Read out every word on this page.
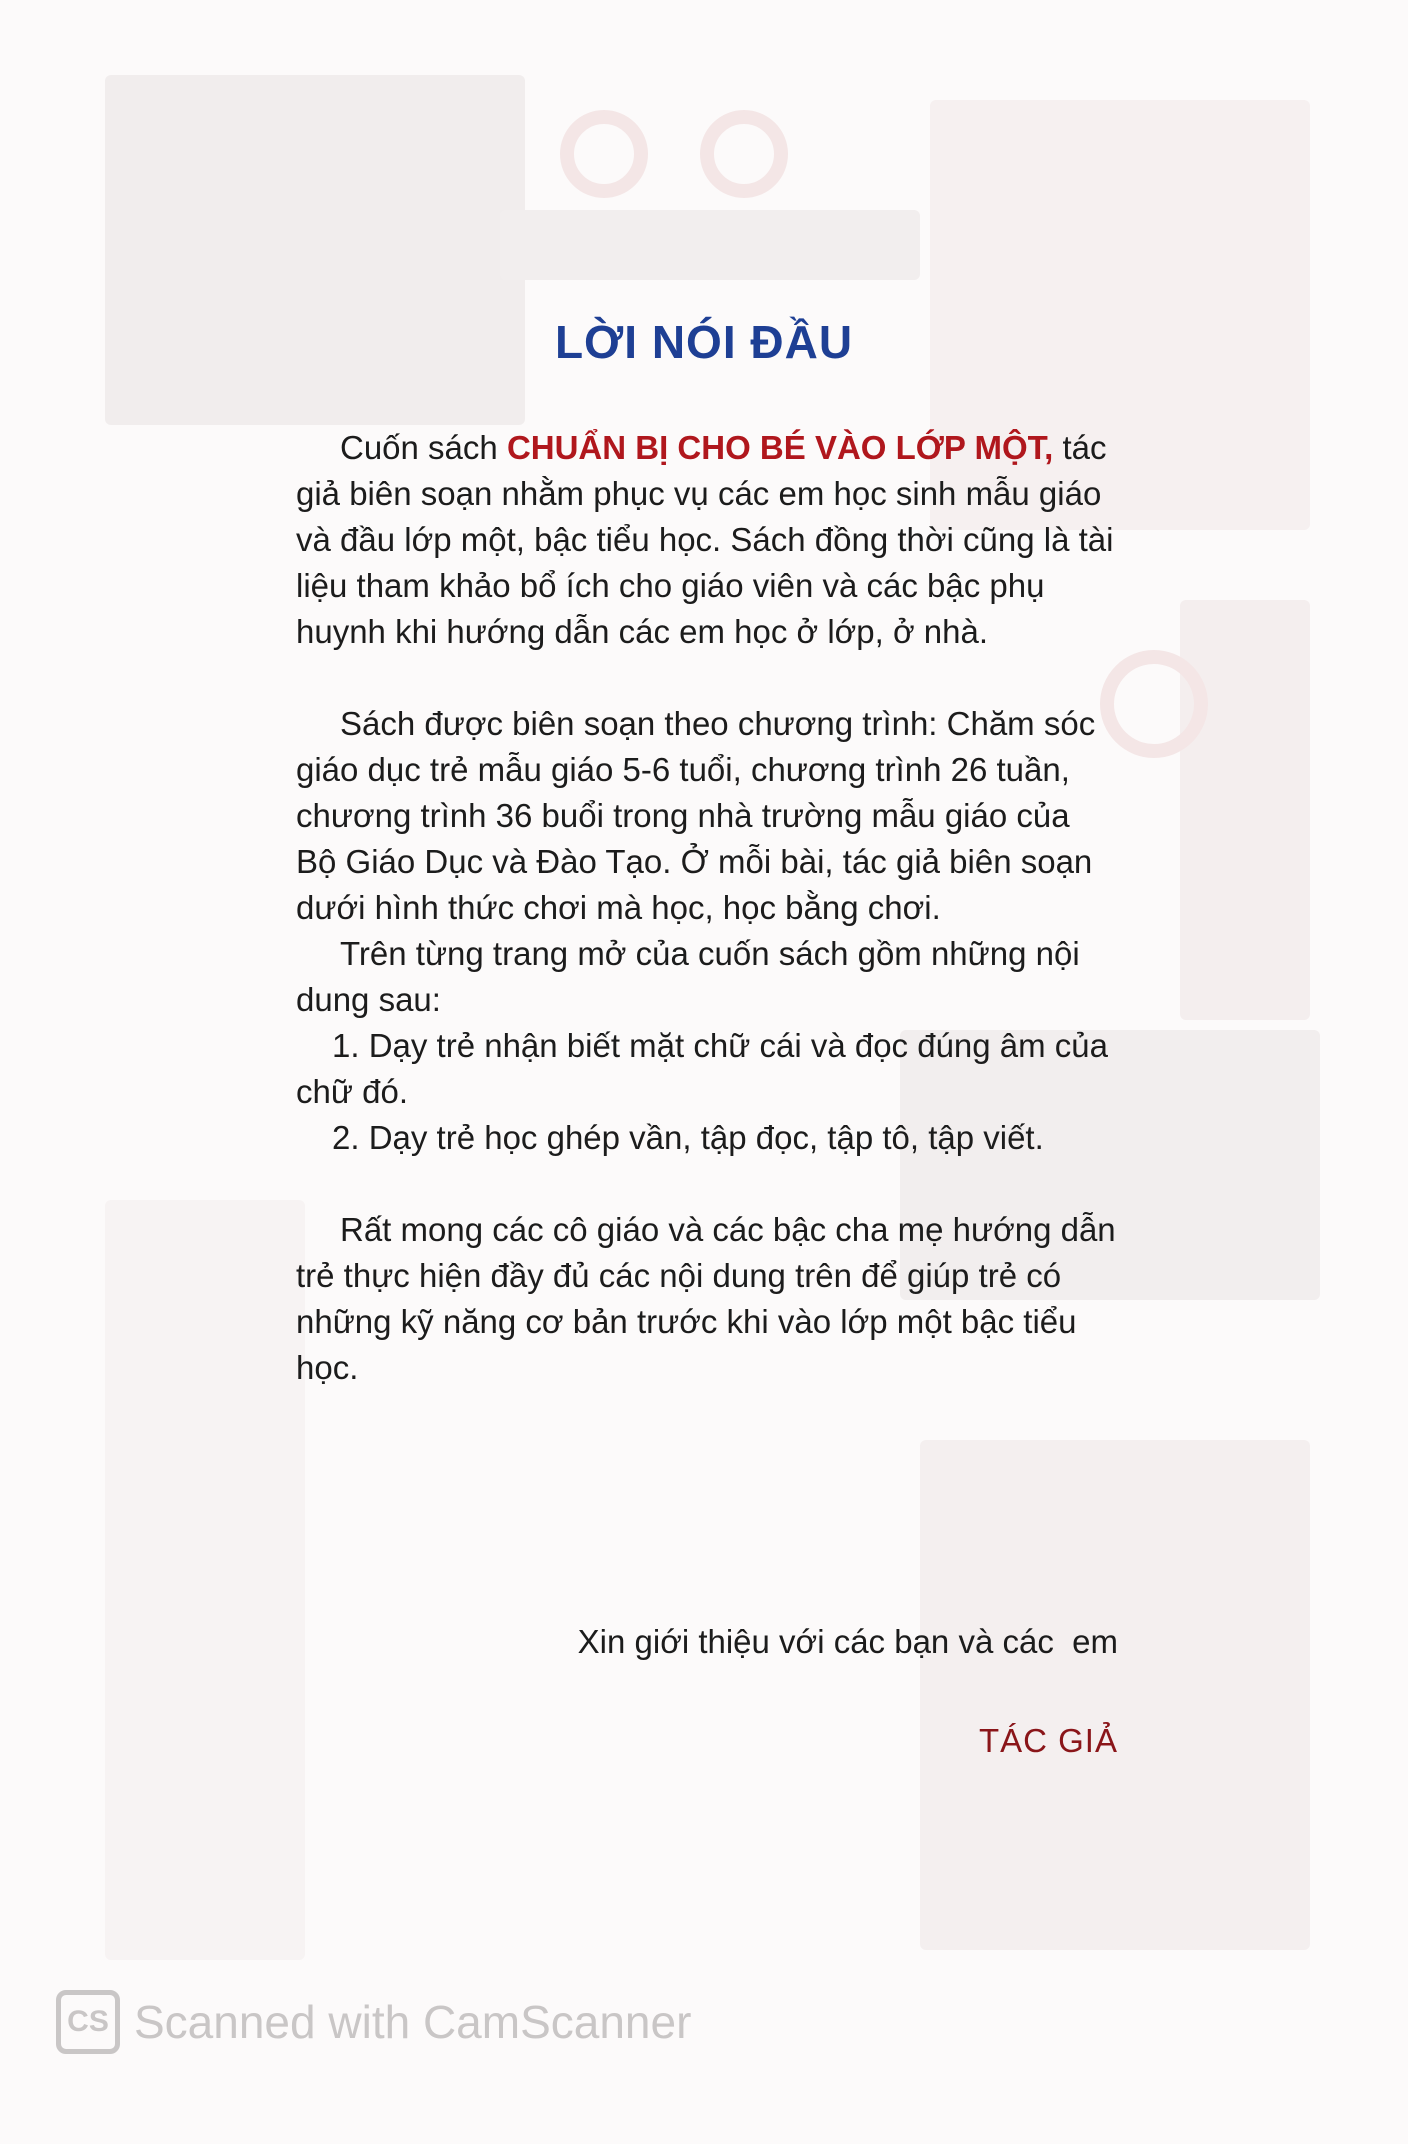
LỜI NÓI ĐẦU

Cuốn sách CHUẨN BỊ CHO BÉ VÀO LỚP MỘT, tác giả biên soạn nhằm phục vụ các em học sinh mẫu giáo và đầu lớp một, bậc tiểu học. Sách đồng thời cũng là tài liệu tham khảo bổ ích cho giáo viên và các bậc phụ huynh khi hướng dẫn các em học ở lớp, ở nhà.

Sách được biên soạn theo chương trình: Chăm sóc giáo dục trẻ mẫu giáo 5-6 tuổi, chương trình 26 tuần, chương trình 36 buổi trong nhà trường mẫu giáo của Bộ Giáo Dục và Đào Tạo. Ở mỗi bài, tác giả biên soạn dưới hình thức chơi mà học, học bằng chơi.

Trên từng trang mở của cuốn sách gồm những nội dung sau:

1. Dạy trẻ nhận biết mặt chữ cái và đọc đúng âm của chữ đó.

2. Dạy trẻ học ghép vần, tập đọc, tập tô, tập viết.

Rất mong các cô giáo và các bậc cha mẹ hướng dẫn trẻ thực hiện đầy đủ các nội dung trên để giúp trẻ có những kỹ năng cơ bản trước khi vào lớp một bậc tiểu học.

Xin giới thiệu với các bạn và các  em
TÁC GIẢ
CS Scanned with CamScanner
